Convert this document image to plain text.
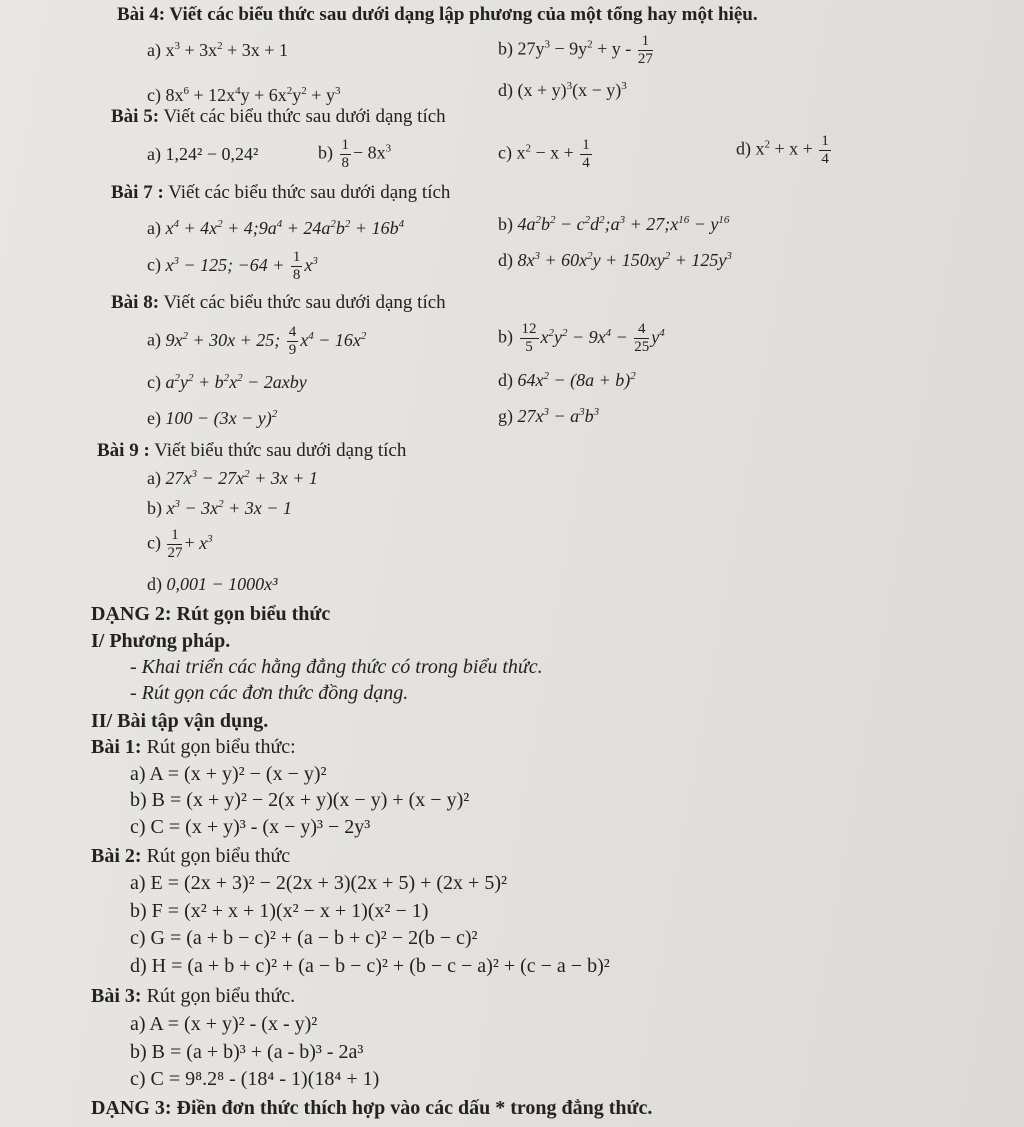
Bài 4: Viết các biểu thức sau dưới dạng lập phương của một tổng hay một hiệu.
a) $x^3 + 3x^2 + 3x + 1$	b) $27y^3 - 9y^2 + y - \frac{1}{27}$
c) $8x^6 + 12x^4y + 6x^2y^2 + y^3$	d) $(x + y)^3(x - y)^3$
Bài 5: Viết các biểu thức sau dưới dạng tích
a) 1,24² − 0,24²	$b) \frac{1}{8} - 8x^3$	c) $x^2 - x + \frac{1}{4}$	d) $x^2 + x + \frac{1}{4}$
Bài 7 : Viết các biểu thức sau dưới dạng tích
a) $x^4 + 4x^2$ + $4;9a^4 + 24a^2b^2 + 16b^4$	b) $4a^2b^2$ − $c^2d^2;a^3$ + $27;x^{16} - y^{16}$
c) $x^3 - 125$; $-64 + \frac{1}{8} x^3$	d) $8x^3 + 60x^2y + 150xy^2 + 125y^3$
Bài 8: Viết các biểu thức sau dưới dạng tích
a) $9x^2 + 30x + 25$; $\frac{4}{9} x^4 - 16x^2$	$b) \frac{12}{5} x^2y^2 - 9x^4 - \frac{4}{25} y^4$
c) $a^2y^2 + b^2x^2$ − 2axby	d) $64x^2 - (8a + b)^2$
e) $100 - (3x - y)^2$	g) $27x^3 - a^3b^3$
Bài 9 : Viết biểu thức sau dưới dạng tích
a) $27x^3 - 27x^2 + 3x + 1$
b) $x^3 - 3x^2 + 3x - 1$
$c) \frac{1}{27} + x^3$
d) 0,001 − 1000x³
DẠNG 2: Rút gọn biểu thức
I/ Phương pháp.
- Khai triển các hằng đẳng thức có trong biểu thức.
- Rút gọn các đơn thức đồng dạng.
II/ Bài tập vận dụng.
Bài 1: Rút gọn biểu thức:
a) A = (x + y)² − (x − y)²
b) B = (x + y)² − 2(x + y)(x − y) + (x − y)²
c) C = (x + y)³ - (x − y)³ − 2y³
Bài 2: Rút gọn biểu thức
a) E = (2x + 3)² − 2(2x + 3)(2x + 5) + (2x + 5)²
b) F = (x² + x + 1)(x² − x + 1)(x² − 1)
c) G = (a + b − c)² + (a − b + c)² − 2(b − c)²
d) H = (a + b + c)² + (a − b − c)² + (b − c − a)² + (c − a − b)²
Bài 3: Rút gọn biểu thức.
a) A = (x + y)² - (x - y)²
b) B = (a + b)³ + (a - b)³ - 2a³
c) C = 9⁸.2⁸ - (18⁴ - 1)(18⁴ + 1)
DẠNG 3: Điền đơn thức thích hợp vào các dấu * trong đẳng thức.
